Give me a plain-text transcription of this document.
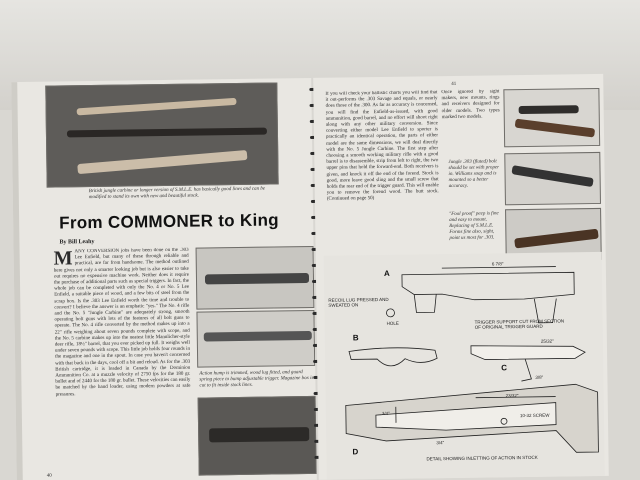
British jungle carbine or longer version of S.M.L.E. has basically good lines and can be modified to stand its own with new and beautiful stock.
From COMMONER to King
By Bill Leahy
MANY CONVERSION jobs have been done on the .303 Lee Enfield, but many of these through reliable and practical, are far from handsome. The method outlined here gives not only a smarter looking job but is also easier to take out requires no expensive machine work. Neither does it require the purchase of additional parts such as special triggers. In fact, the whole job can be completed with only the No. 4 or No. 5 Lee Enfield, a suitable piece of wood, and a few bits of steel from the scrap box. Is the .303 Lee Enfield worth the time and trouble to convert? I believe the answer is an emphatic "yes." The No. 4 rifle and the No. 5 "Jungle Carbine" are adequately strong, smooth operating bolt guns with lots of the features of all bolt guns to operate. The No. 4 rifle converted by the method makes up into a 22" rifle weighing about seven pounds complete with scope, and the No. 5 carbine makes up into the neatest little Mannlicher-style deer rifle, 18½" barrel, that you ever picked up full. It weighs well under seven pounds with scope. This little job holds four rounds in the magazine and one in the spout. In case you haven't concerned with that back in the days, cool off a bit and reload. As for the .303 British cartridge, it is loaded in Canada by the Dominion Ammunition Co. at a muzzle velocity of 2750 fps for the 180 gr. bullet and of 2440 for the 180 gr. bullet. These velocities can easily be matched by the hand loader, using modern powders at safe pressures.
Action hump is trimmed, wood lug fitted, and guard spring piece to bump adjustable trigger. Magazine box is cut to fit inside stock lines.
40
41
If you will check your ballistic charts you will find that it out-performs the .303 Savage and equals, or nearly does those of the .300. As far as accuracy is concerned, you will find the Enfield-as-issued, with good ammunition, good barrel, and no effort will shoot right along with any other military conversion. Since converting either model Lee Enfield to sporter is practically an identical operation, the parts of either model are the same dimensions, we will deal directly with the No. 5 Jungle Carbine. The first step after choosing a smooth working military rifle with a good barrel is to disassemble, strip from left to right, the two upper pins that hold the forward-end. Both receivers is given, and knock it off the end of the forend. Stock is good, more leave good sling and the small screw that holds the rear end of the trigger guard. This will enable you to remove the forend wood. The butt stock. (Continued on page 50)
Once ignored by sight makers, new mounts, rings and receivers designed for older models. Two types marked two models.
Jungle .303 (fluted) bolt should be set with proper in. Williams soap and is mounted so a better accuracy.
"Fool proof" peep is fine and easy to mount. Replacing of S.M.L.E. Forms fine also, sight, point us most for .303.
A
B
C
D
6 7/8"
25/32"
3/8"
3/4"
23/32"
3/4"
RECOIL LUG PRESSED AND SWEATED ON
HOLE	TRIGGER SUPPORT CUT FROM SECTION OF ORIGINAL TRIGGER GUARD
10-32 SCREW
DETAIL SHOWING INLETTING OF ACTION IN STOCK
